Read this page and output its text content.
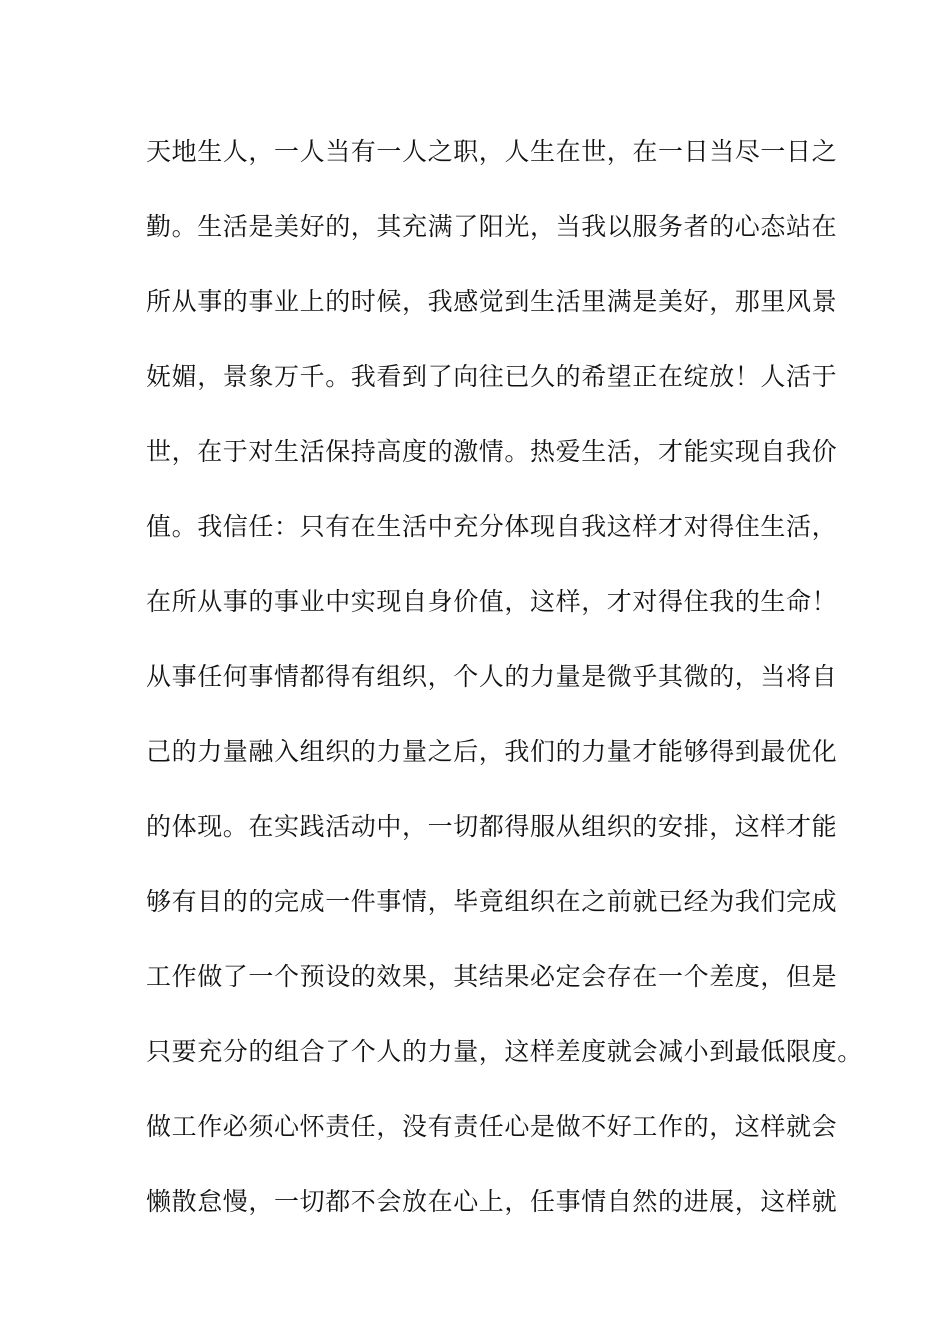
天地生人，一人当有一人之职，人生在世，在一日当尽一日之
勤。生活是美好的，其充满了阳光，当我以服务者的心态站在
所从事的事业上的时候，我感觉到生活里满是美好，那里风景
妩媚，景象万千。我看到了向往已久的希望正在绽放！人活于
世，在于对生活保持高度的激情。热爱生活，才能实现自我价
值。我信任：只有在生活中充分体现自我这样才对得住生活，
在所从事的事业中实现自身价值，这样，才对得住我的生命！
从事任何事情都得有组织，个人的力量是微乎其微的，当将自
己的力量融入组织的力量之后，我们的力量才能够得到最优化
的体现。在实践活动中，一切都得服从组织的安排，这样才能
够有目的的完成一件事情，毕竟组织在之前就已经为我们完成
工作做了一个预设的效果，其结果必定会存在一个差度，但是
只要充分的组合了个人的力量，这样差度就会减小到最低限度。
做工作必须心怀责任，没有责任心是做不好工作的，这样就会
懒散怠慢，一切都不会放在心上，任事情自然的进展，这样就
